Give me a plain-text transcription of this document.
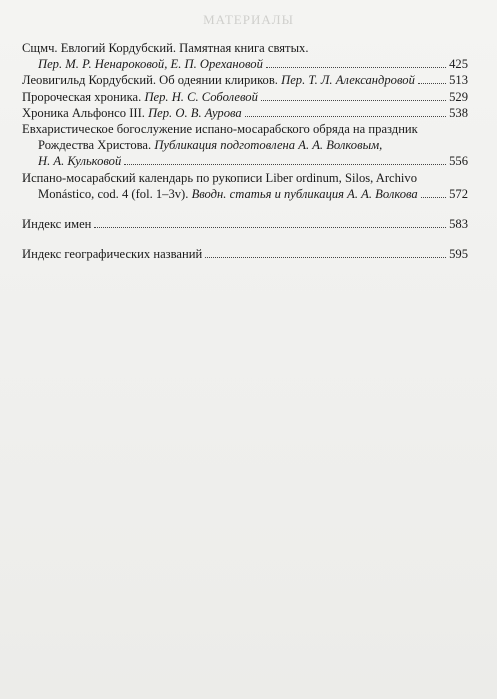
МАТЕРИАЛЫ
Сщмч. Евлогий Кордубский. Памятная книга святых.
Пер. М. Р. Ненароковой, Е. П. Орехановой	425
Леовигильд Кордубский. Об одеянии клириков. Пер. Т. Л. Александровой	513
Пророческая хроника. Пер. Н. С. Соболевой	529
Хроника Альфонсо III. Пер. О. В. Аурова	538
Евхаристическое богослужение испано-мосарабского обряда на праздник
Рождества Христова. Публикация подготовлена А. А. Волковым,
Н. А. Кульковой	556
Испано-мосарабский календарь по рукописи Liber ordinum, Silos, Archivo
Monástico, cod. 4 (fol. 1–3v). Вводн. статья и публикация А. А. Волкова 572
Индекс имен	583
Индекс географических названий	595
